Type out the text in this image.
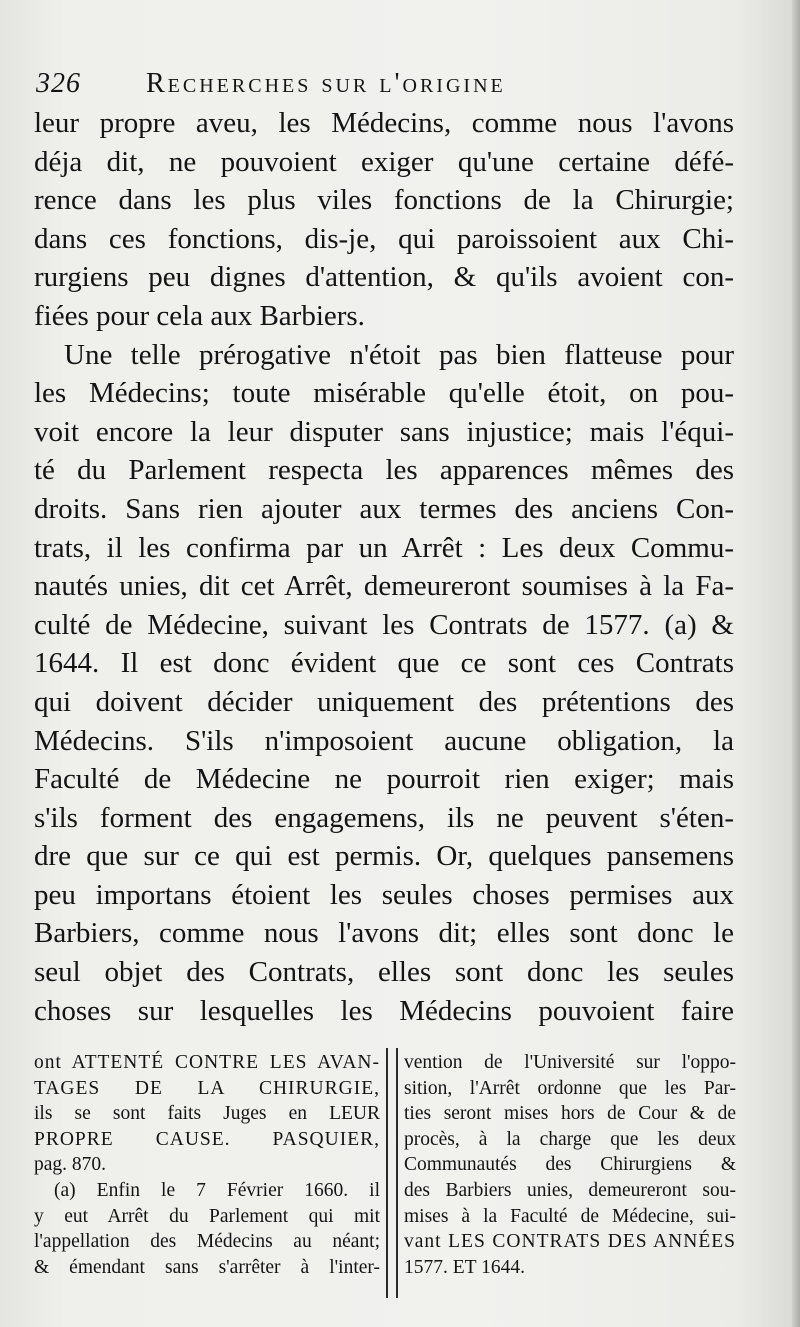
326 Recherches sur l'origine
leur propre aveu, les Médecins, comme nous l'avons
déja dit, ne pouvoient exiger qu'une certaine défé-
rence dans les plus viles fonctions de la Chirurgie;
dans ces fonctions, dis-je, qui paroissoient aux Chi-
rurgiens peu dignes d'attention, & qu'ils avoient con-
fiées pour cela aux Barbiers.
Une telle prérogative n'étoit pas bien flatteuse pour
les Médecins; toute misérable qu'elle étoit, on pou-
voit encore la leur disputer sans injustice; mais l'équi-
té du Parlement respecta les apparences mêmes des
droits. Sans rien ajouter aux termes des anciens Con-
trats, il les confirma par un Arrêt : Les deux Commu-
nautés unies, dit cet Arrêt, demeureront soumises à la Fa-
culté de Médecine, suivant les Contrats de 1577. (a) &
1644. Il est donc évident que ce sont ces Contrats
qui doivent décider uniquement des prétentions des
Médecins. S'ils n'imposoient aucune obligation, la
Faculté de Médecine ne pourroit rien exiger; mais
s'ils forment des engagemens, ils ne peuvent s'éten-
dre que sur ce qui est permis. Or, quelques pansemens
peu importans étoient les seules choses permises aux
Barbiers, comme nous l'avons dit; elles sont donc le
seul objet des Contrats, elles sont donc les seules
choses sur lesquelles les Médecins pouvoient faire
ont ATTENTÉ CONTRE LES AVAN-
TAGES DE LA CHIRURGIE,
ils se sont faits Juges en LEUR
PROPRE CAUSE. PASQUIER,
pag. 870.
(a) Enfin le 7 Février 1660. il
y eut Arrêt du Parlement qui mit
l'appellation des Médecins au néant;
& émendant sans s'arrêter à l'inter-
vention de l'Université sur l'oppo-
sition, l'Arrêt ordonne que les Par-
ties seront mises hors de Cour & de
procès, à la charge que les deux
Communautés des Chirurgiens &
des Barbiers unies, demeureront sou-
mises à la Faculté de Médecine, sui-
vant LES CONTRATS DES ANNÉES
1577. ET 1644.
